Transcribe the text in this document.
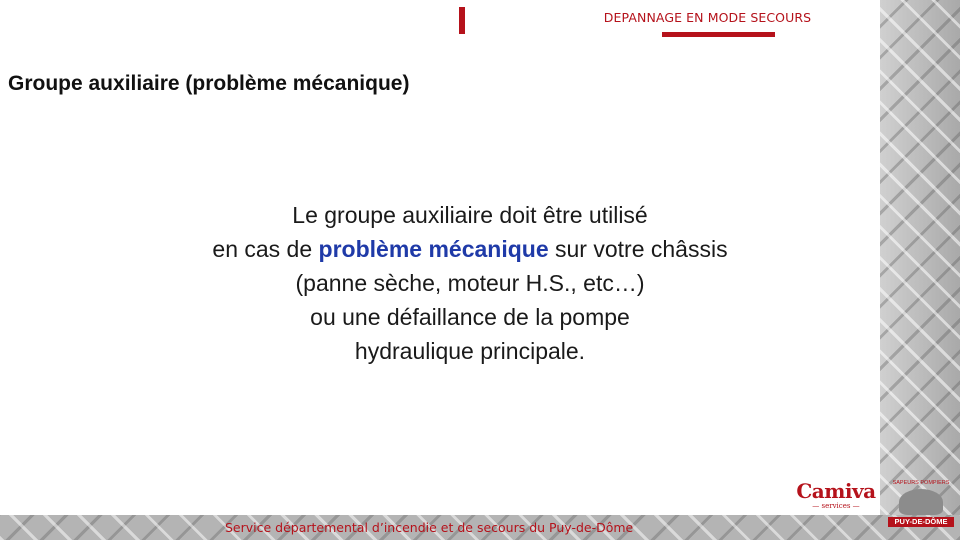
DEPANNAGE EN MODE SECOURS
Groupe auxiliaire (problème mécanique)
Le groupe auxiliaire doit être utilisé
en cas de problème mécanique sur votre châssis
(panne sèche, moteur H.S., etc…)
ou une défaillance de la pompe
hydraulique principale.
Service départemental d’incendie et de secours du Puy-de-Dôme
Camiva
— services —
SAPEURS POMPIERS
PUY-DE-DÔME
